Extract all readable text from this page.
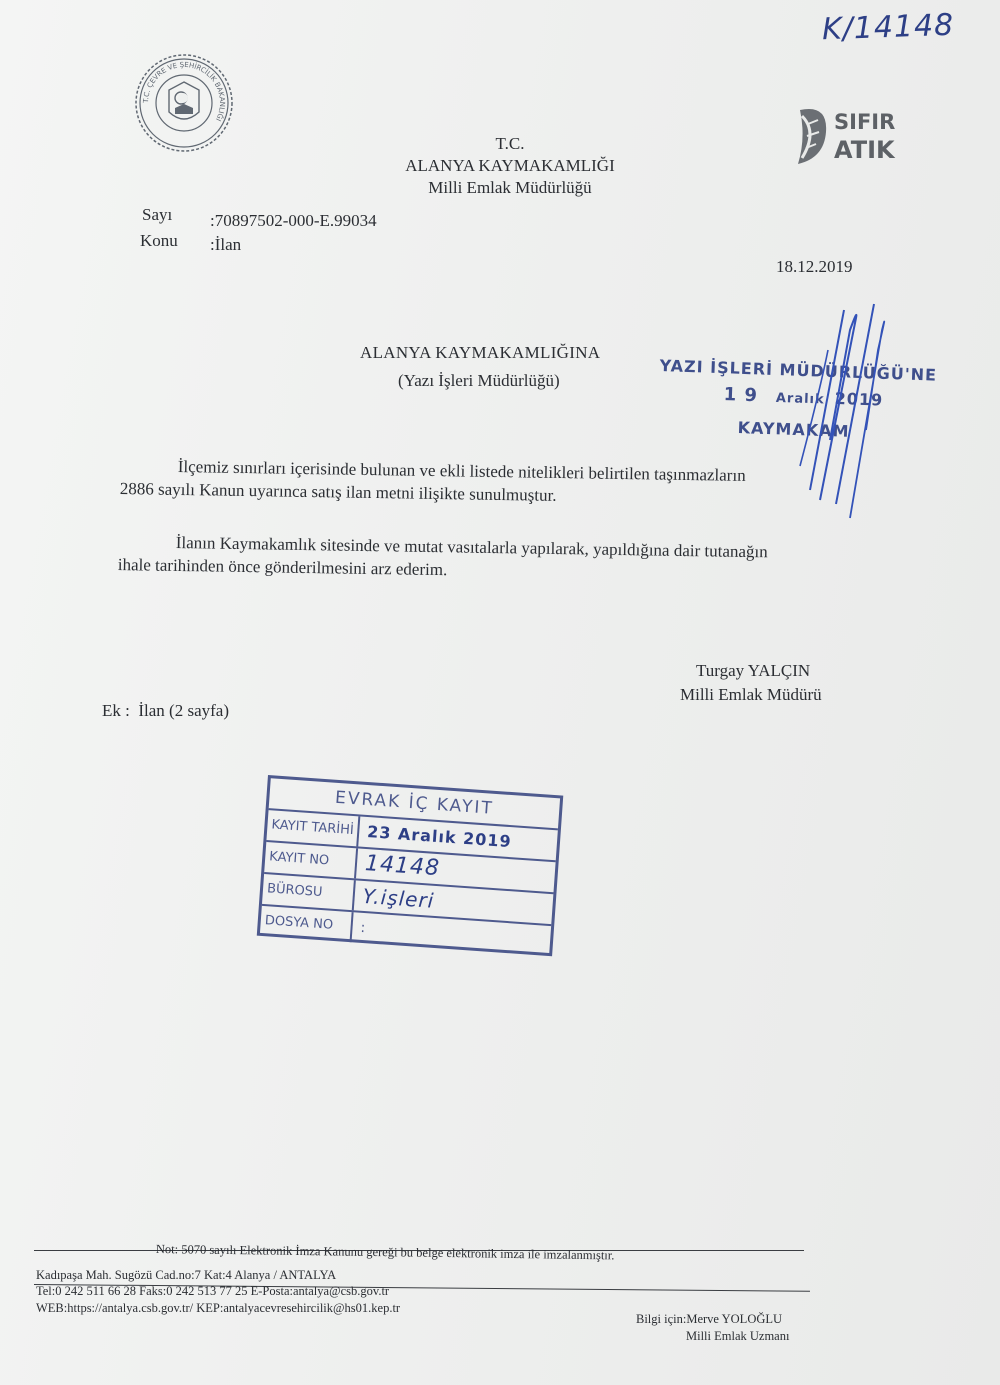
K/14148
T.C. ÇEVRE VE ŞEHİRCİLİK BAKANLIĞI	SIFIR
ATIK
T.C.
ALANYA KAYMAKAMLIĞI
Milli Emlak Müdürlüğü
Sayı :70897502-000-E.99034
Konu :İlan
18.12.2019
ALANYA KAYMAKAMLIĞINA
(Yazı İşleri Müdürlüğü)	YAZI İŞLERİ MÜDÜRLÜĞÜ'NE
1 9 Aralık 2019
KAYMAKAM
İlçemiz sınırları içerisinde bulunan ve ekli listede nitelikleri belirtilen taşınmazların
2886 sayılı Kanun uyarınca satış ilan metni ilişikte sunulmuştur.
İlanın Kaymakamlık sitesinde ve mutat vasıtalarla yapılarak, yapıldığına dair tutanağın
ihale tarihinden önce gönderilmesini arz ederim.
Turgay YALÇIN
Milli Emlak Müdürü
Ek :  İlan (2 sayfa)
EVRAK İÇ KAYIT
KAYIT TARİHİ 23 Aralık 2019
KAYIT NO	14148
BÜROSU	Y.işleri
DOSYA NO	:
Not: 5070 sayılı Elektronik İmza Kanunu gereği bu belge elektronik imza ile imzalanmıştır.
Kadıpaşa Mah. Sugözü Cad.no:7 Kat:4 Alanya / ANTALYA
Tel:0 242 511 66 28 Faks:0 242 513 77 25 E-Posta:antalya@csb.gov.tr
WEB:https://antalya.csb.gov.tr/ KEP:antalyacevresehircilik@hs01.kep.tr
Bilgi için:Merve YOLOĞLU
Milli Emlak Uzmanı
